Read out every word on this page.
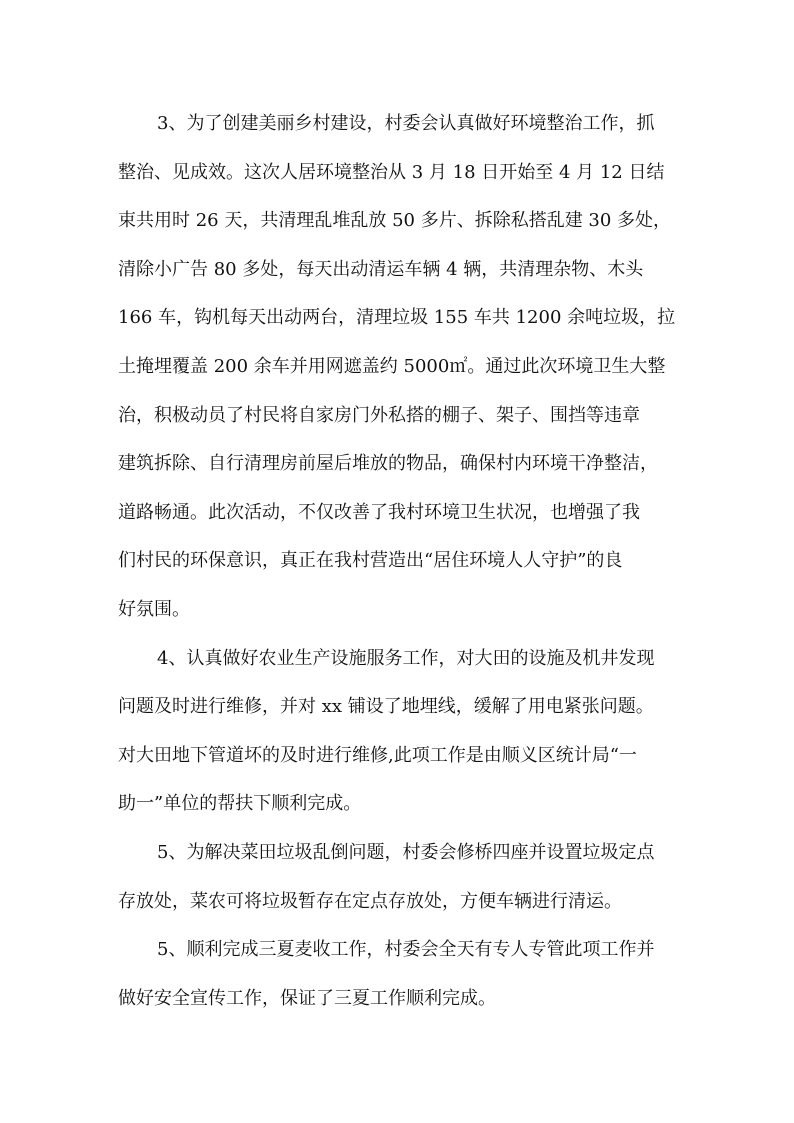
3、为了创建美丽乡村建设，村委会认真做好环境整治工作，抓
整治、见成效。这次人居环境整治从 3 月 18 日开始至 4 月 12 日结
束共用时 26 天，共清理乱堆乱放 50 多片、拆除私搭乱建 30 多处，
清除小广告 80 多处，每天出动清运车辆 4 辆，共清理杂物、木头
166 车，钩机每天出动两台，清理垃圾 155 车共 1200 余吨垃圾，拉
土掩埋覆盖 200 余车并用网遮盖约 5000㎡。通过此次环境卫生大整
治，积极动员了村民将自家房门外私搭的棚子、架子、围挡等违章
建筑拆除、自行清理房前屋后堆放的物品，确保村内环境干净整洁，
道路畅通。此次活动，不仅改善了我村环境卫生状况，也增强了我
们村民的环保意识，真正在我村营造出“居住环境人人守护”的良
好氛围。
4、认真做好农业生产设施服务工作，对大田的设施及机井发现
问题及时进行维修，并对 xx 铺设了地埋线，缓解了用电紧张问题。
对大田地下管道坏的及时进行维修,此项工作是由顺义区统计局“一
助一”单位的帮扶下顺利完成。
5、为解决菜田垃圾乱倒问题，村委会修桥四座并设置垃圾定点
存放处，菜农可将垃圾暂存在定点存放处，方便车辆进行清运。
5、顺利完成三夏麦收工作，村委会全天有专人专管此项工作并
做好安全宣传工作，保证了三夏工作顺利完成。
